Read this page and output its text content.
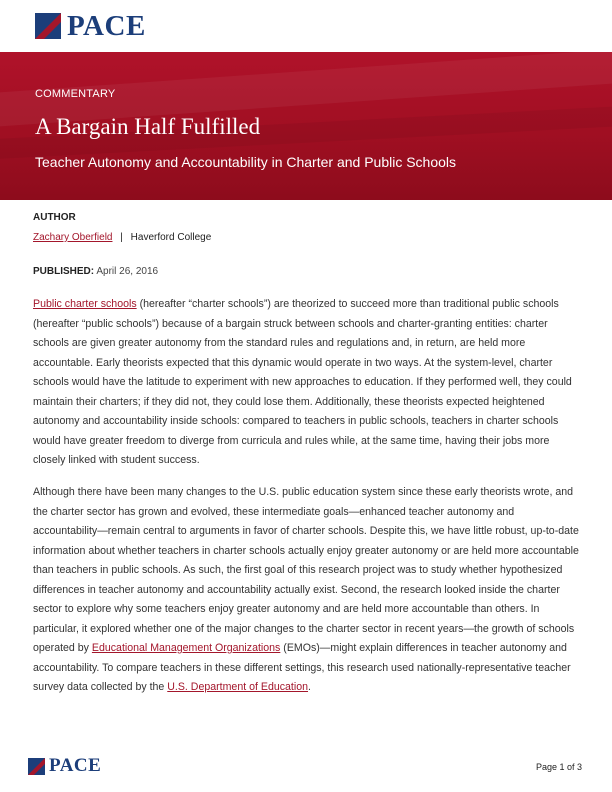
PACE
COMMENTARY
A Bargain Half Fulfilled
Teacher Autonomy and Accountability in Charter and Public Schools
AUTHOR
Zachary Oberfield | Haverford College
PUBLISHED: April 26, 2016

Public charter schools (hereafter “charter schools”) are theorized to succeed more than traditional public schools (hereafter “public schools”) because of a bargain struck between schools and charter-granting entities: charter schools are given greater autonomy from the standard rules and regulations and, in return, are held more accountable. Early theorists expected that this dynamic would operate in two ways. At the system-level, charter schools would have the latitude to experiment with new approaches to education. If they performed well, they could maintain their charters; if they did not, they could lose them. Additionally, these theorists expected heightened autonomy and accountability inside schools: compared to teachers in public schools, teachers in charter schools would have greater freedom to diverge from curricula and rules while, at the same time, having their jobs more closely linked with student success.

Although there have been many changes to the U.S. public education system since these early theorists wrote, and the charter sector has grown and evolved, these intermediate goals—enhanced teacher autonomy and accountability—remain central to arguments in favor of charter schools. Despite this, we have little robust, up-to-date information about whether teachers in charter schools actually enjoy greater autonomy or are held more accountable than teachers in public schools. As such, the first goal of this research project was to study whether hypothesized differences in teacher autonomy and accountability actually exist. Second, the research looked inside the charter sector to explore why some teachers enjoy greater autonomy and are held more accountable than others. In particular, it explored whether one of the major changes to the charter sector in recent years—the growth of schools operated by Educational Management Organizations (EMOs)—might explain differences in teacher autonomy and accountability. To compare teachers in these different settings, this research used nationally-representative teacher survey data collected by the U.S. Department of Education.

PACE	Page 1 of 3
